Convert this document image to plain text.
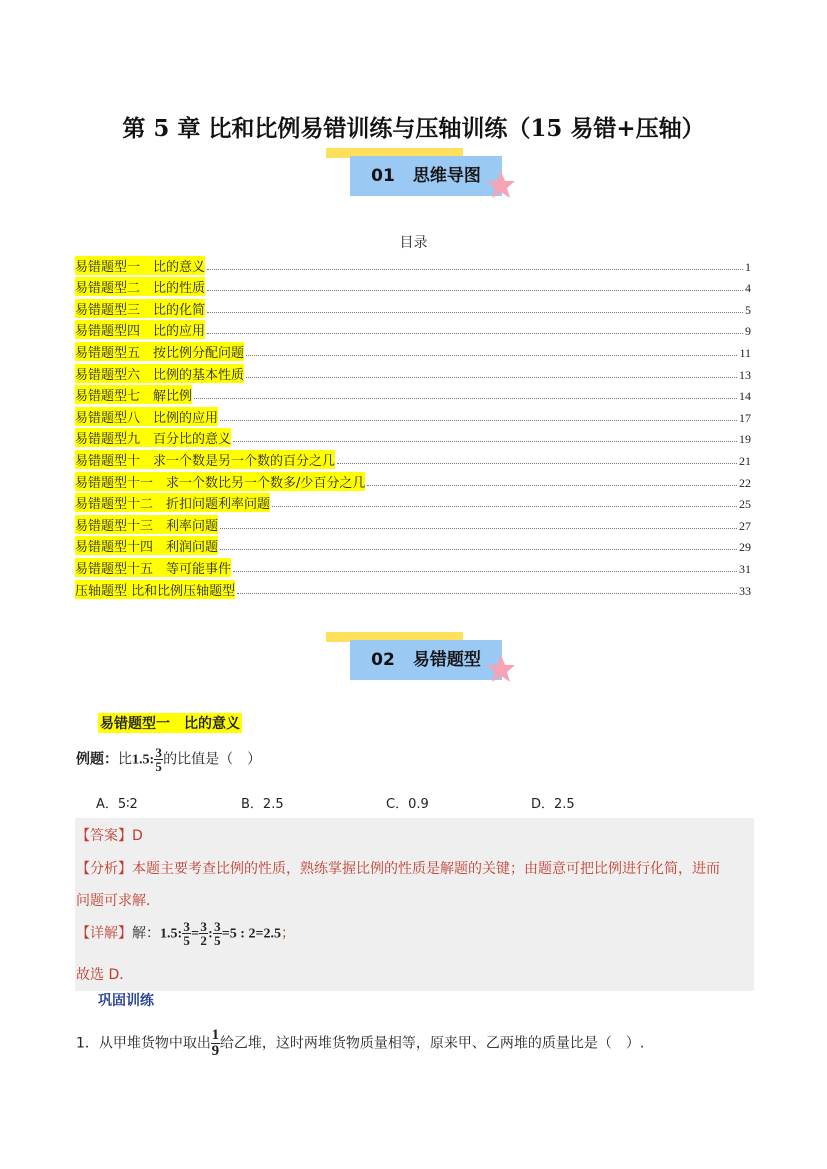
第 5 章 比和比例易错训练与压轴训练（15 易错+压轴）
01 思维导图
目录
易错题型一　比的意义	1
易错题型二　比的性质	4
易错题型三　比的化简	5
易错题型四　比的应用	9
易错题型五　按比例分配问题	11
易错题型六　比例的基本性质	13
易错题型七　解比例	14
易错题型八　比例的应用	17
易错题型九　百分比的意义	19
易错题型十　求一个数是另一个数的百分之几	21
易错题型十一　求一个数比另一个数多/少百分之几	22
易错题型十二　折扣问题利率问题	25
易错题型十三　利率问题	27
易错题型十四　利润问题	29
易错题型十五　等可能事件	31
压轴题型 比和比例压轴题型	33
02 易错题型
易错题型一　比的意义
例题：比1.5: $\frac{3}{5}$ 的比值是（　）
A．5∶2	B．2.5	C．0.9	D．2.5
【答案】D
【分析】本题主要考查比例的性质，熟练掌握比例的性质是解题的关键；由题意可把比例进行化简，进而
问题可求解．
【详解】解：1.5: $\frac{3}{5} = \frac{3}{2}$ : $\frac{3}{5} =5$ : 2=2.5；
故选 D．
巩固训练
1．从甲堆货物中取出 $\frac{1}{9}$ 给乙堆，这时两堆货物质量相等，原来甲、乙两堆的质量比是（　）.
